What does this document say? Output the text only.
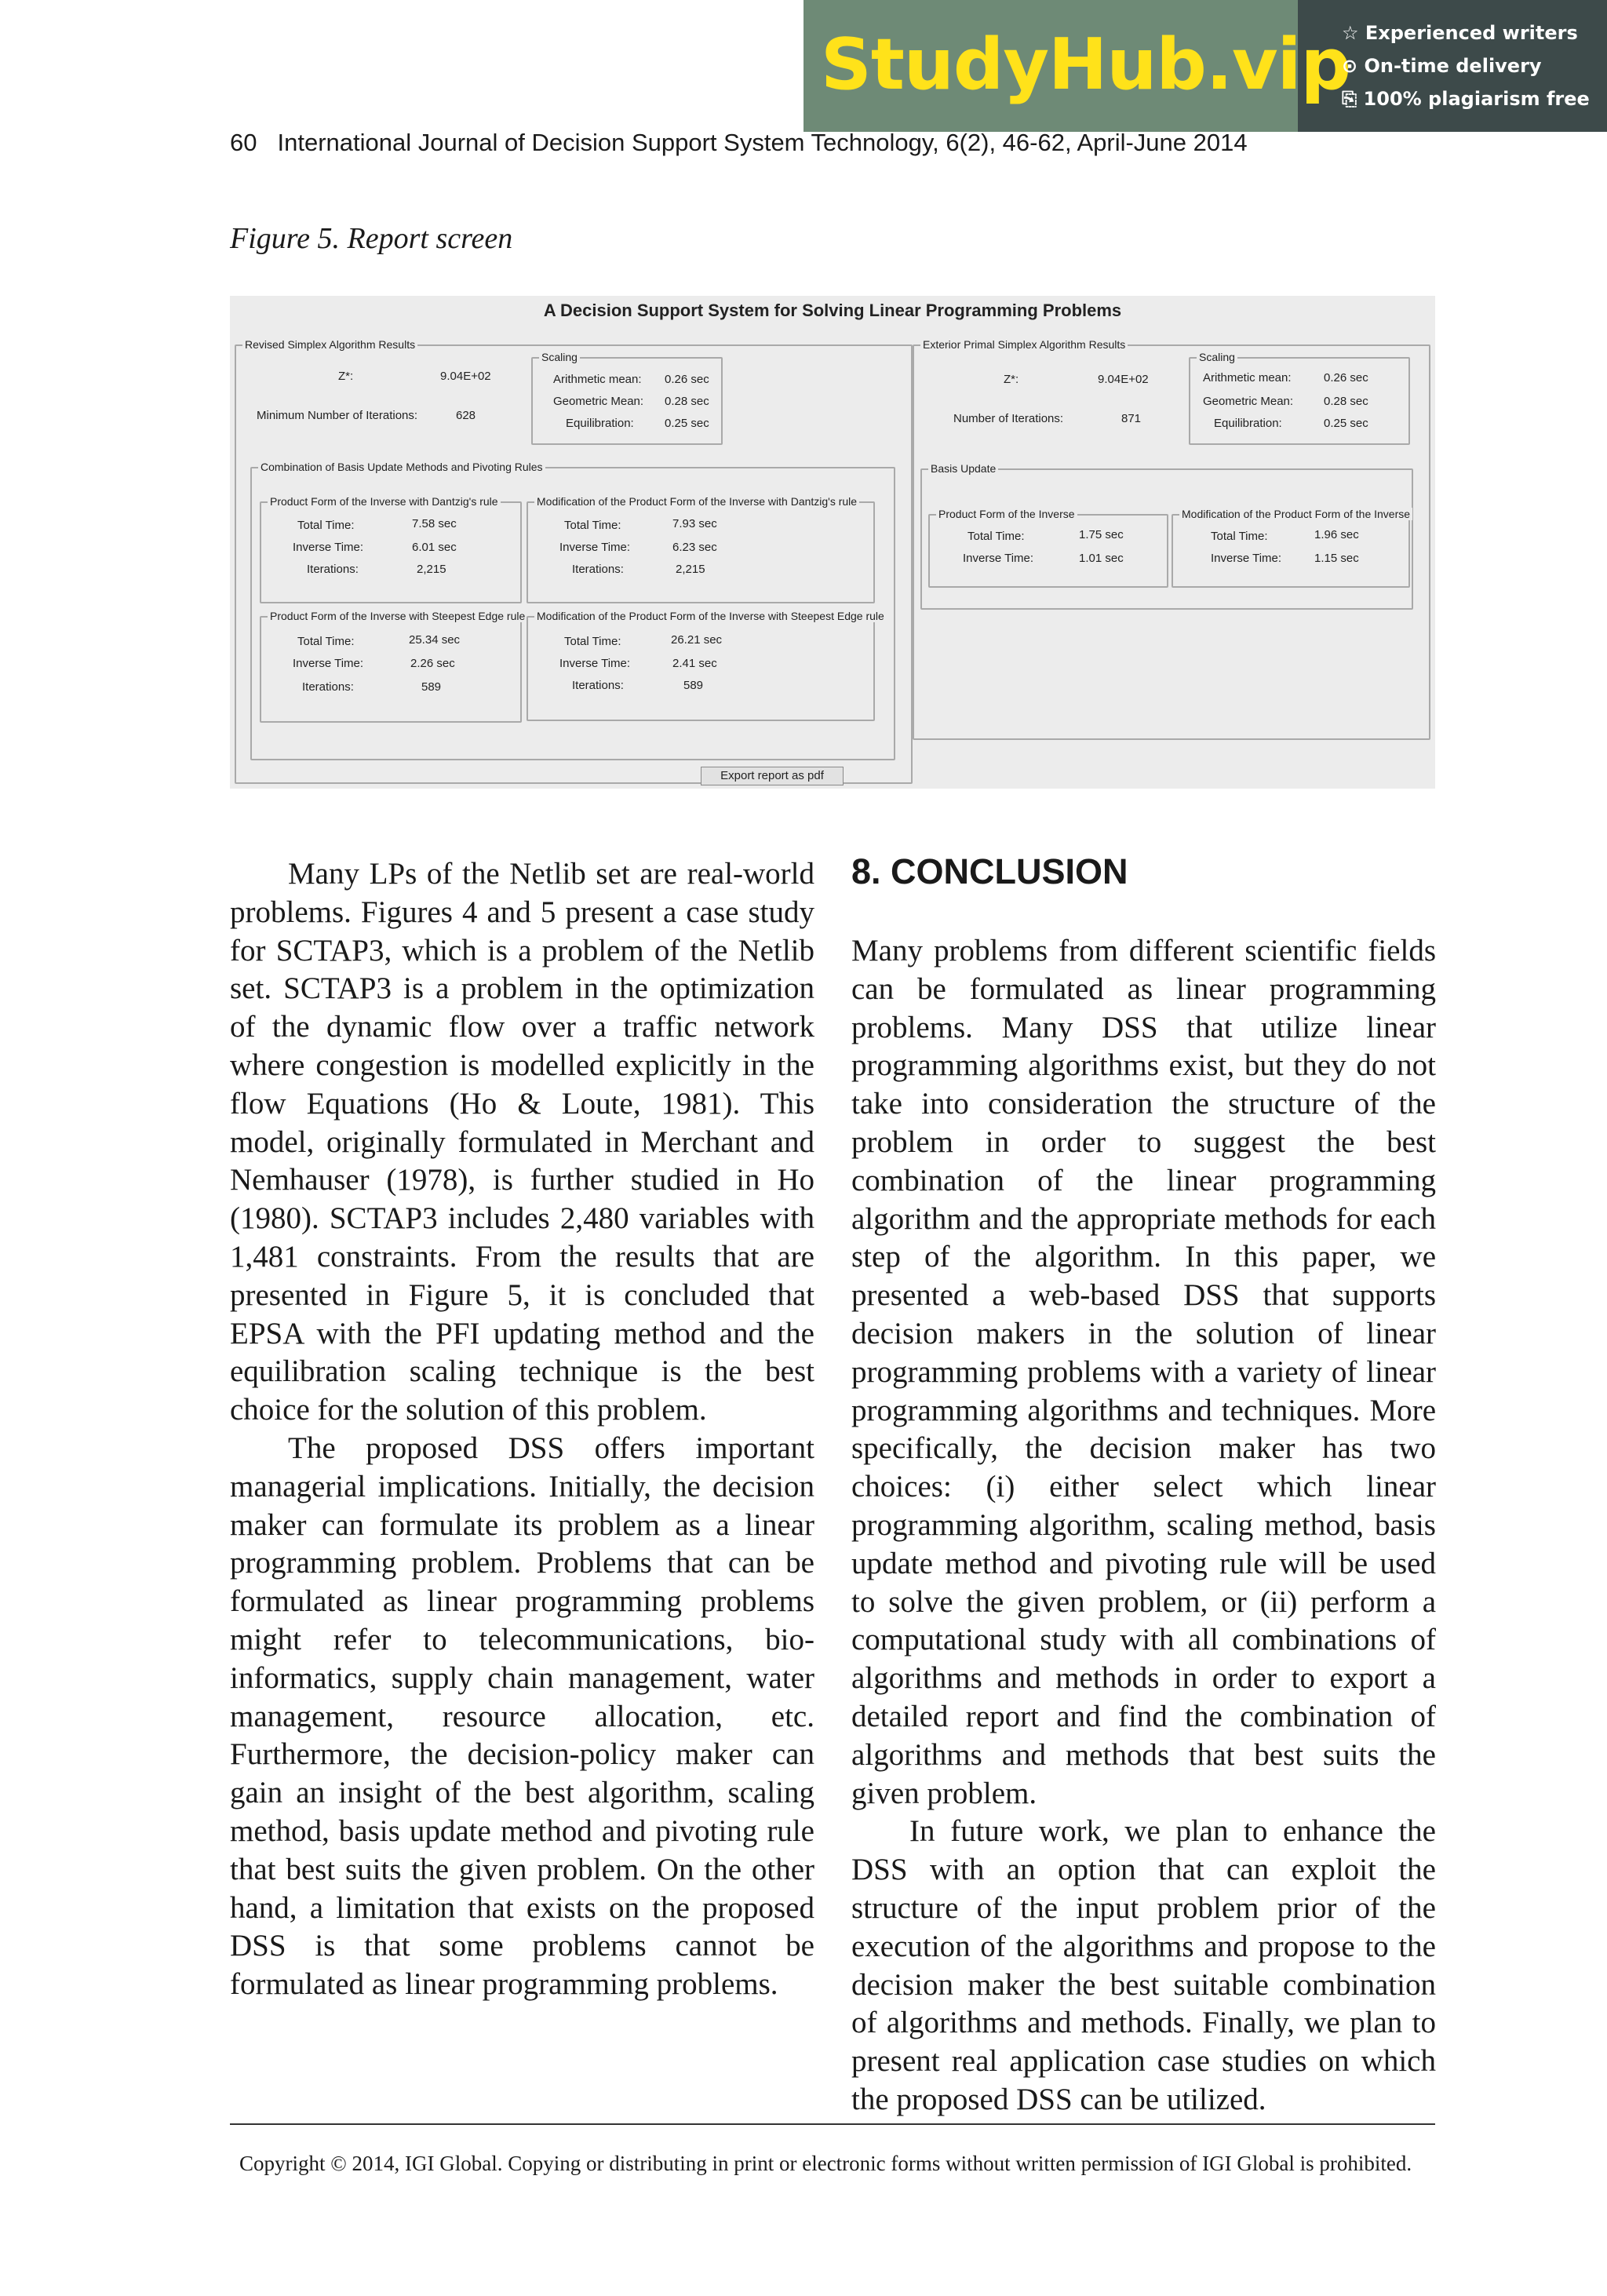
StudyHub.vip
☆ Experienced writers
⊙ On-time delivery
⎘ 100% plagiarism free
60 International Journal of Decision Support System Technology, 6(2), 46-62, April-June 2014
Figure 5. Report screen
A Decision Support System for Solving Linear Programming Problems
Revised Simplex Algorithm Results
Z*:	9.04E+02
Minimum Number of Iterations:	628
Scaling
Arithmetic mean: 0.26 sec
Geometric Mean: 0.28 sec
Equilibration:	0.25 sec
Combination of Basis Update Methods and Pivoting Rules
Product Form of the Inverse with Dantzig's rule
Total Time:	7.58 sec
Inverse Time:	6.01 sec
Iterations:	2,215
Modification of the Product Form of the Inverse with Dantzig's rule
Total Time:	7.93 sec
Inverse Time:	6.23 sec
Iterations:	2,215
Product Form of the Inverse with Steepest Edge rule
Total Time:	25.34 sec
Inverse Time:	2.26 sec
Iterations:	589
Modification of the Product Form of the Inverse with Steepest Edge rule
Total Time:	26.21 sec
Inverse Time:	2.41 sec
Iterations:	589
Exterior Primal Simplex Algorithm Results
Z*:	9.04E+02
Number of Iterations:	871
Scaling
Arithmetic mean:	0.26 sec
Geometric Mean:	0.28 sec
Equilibration:	0.25 sec
Basis Update
Product Form of the Inverse
Total Time:	1.75 sec
Inverse Time:	1.01 sec
Modification of the Product Form of the Inverse
Total Time:	1.96 sec
Inverse Time:	1.15 sec
Export report as pdf

Many LPs of the Netlib set are real-world problems. Figures 4 and 5 present a case study for SCTAP3, which is a problem of the Netlib set. SCTAP3 is a problem in the optimization of the dynamic flow over a traffic network where congestion is modelled explicitly in the flow Equations (Ho & Loute, 1981). This model, originally formulated in Merchant and Nemhauser (1978), is further studied in Ho (1980). SCTAP3 includes 2,480 variables with 1,481 constraints. From the results that are presented in Figure 5, it is concluded that EPSA with the PFI updating method and the equilibration scaling technique is the best choice for the solution of this problem.

The proposed DSS offers important managerial implications. Initially, the decision maker can formulate its problem as a linear programming problem. Problems that can be formulated as linear programming problems might refer to telecommunications, bio-informatics, supply chain management, water management, resource allocation, etc. Furthermore, the decision-policy maker can gain an insight of the best algorithm, scaling method, basis update method and pivoting rule that best suits the given problem. On the other hand, a limitation that exists on the proposed DSS is that some problems cannot be formulated as linear programming problems.

8. CONCLUSION

Many problems from different scientific fields can be formulated as linear programming problems. Many DSS that utilize linear programming algorithms exist, but they do not take into consideration the structure of the problem in order to suggest the best combination of the linear programming algorithm and the appropriate methods for each step of the algorithm. In this paper, we presented a web-based DSS that supports decision makers in the solution of linear programming problems with a variety of linear programming algorithms and techniques. More specifically, the decision maker has two choices: (i) either select which linear programming algorithm, scaling method, basis update method and pivoting rule will be used to solve the given problem, or (ii) perform a computational study with all combinations of algorithms and methods in order to export a detailed report and find the combination of algorithms and methods that best suits the given problem.

In future work, we plan to enhance the DSS with an option that can exploit the structure of the input problem prior of the execution of the algorithms and propose to the decision maker the best suitable combination of algorithms and methods. Finally, we plan to present real application case studies on which the proposed DSS can be utilized.

Copyright © 2014, IGI Global. Copying or distributing in print or electronic forms without written permission of IGI Global is prohibited.
